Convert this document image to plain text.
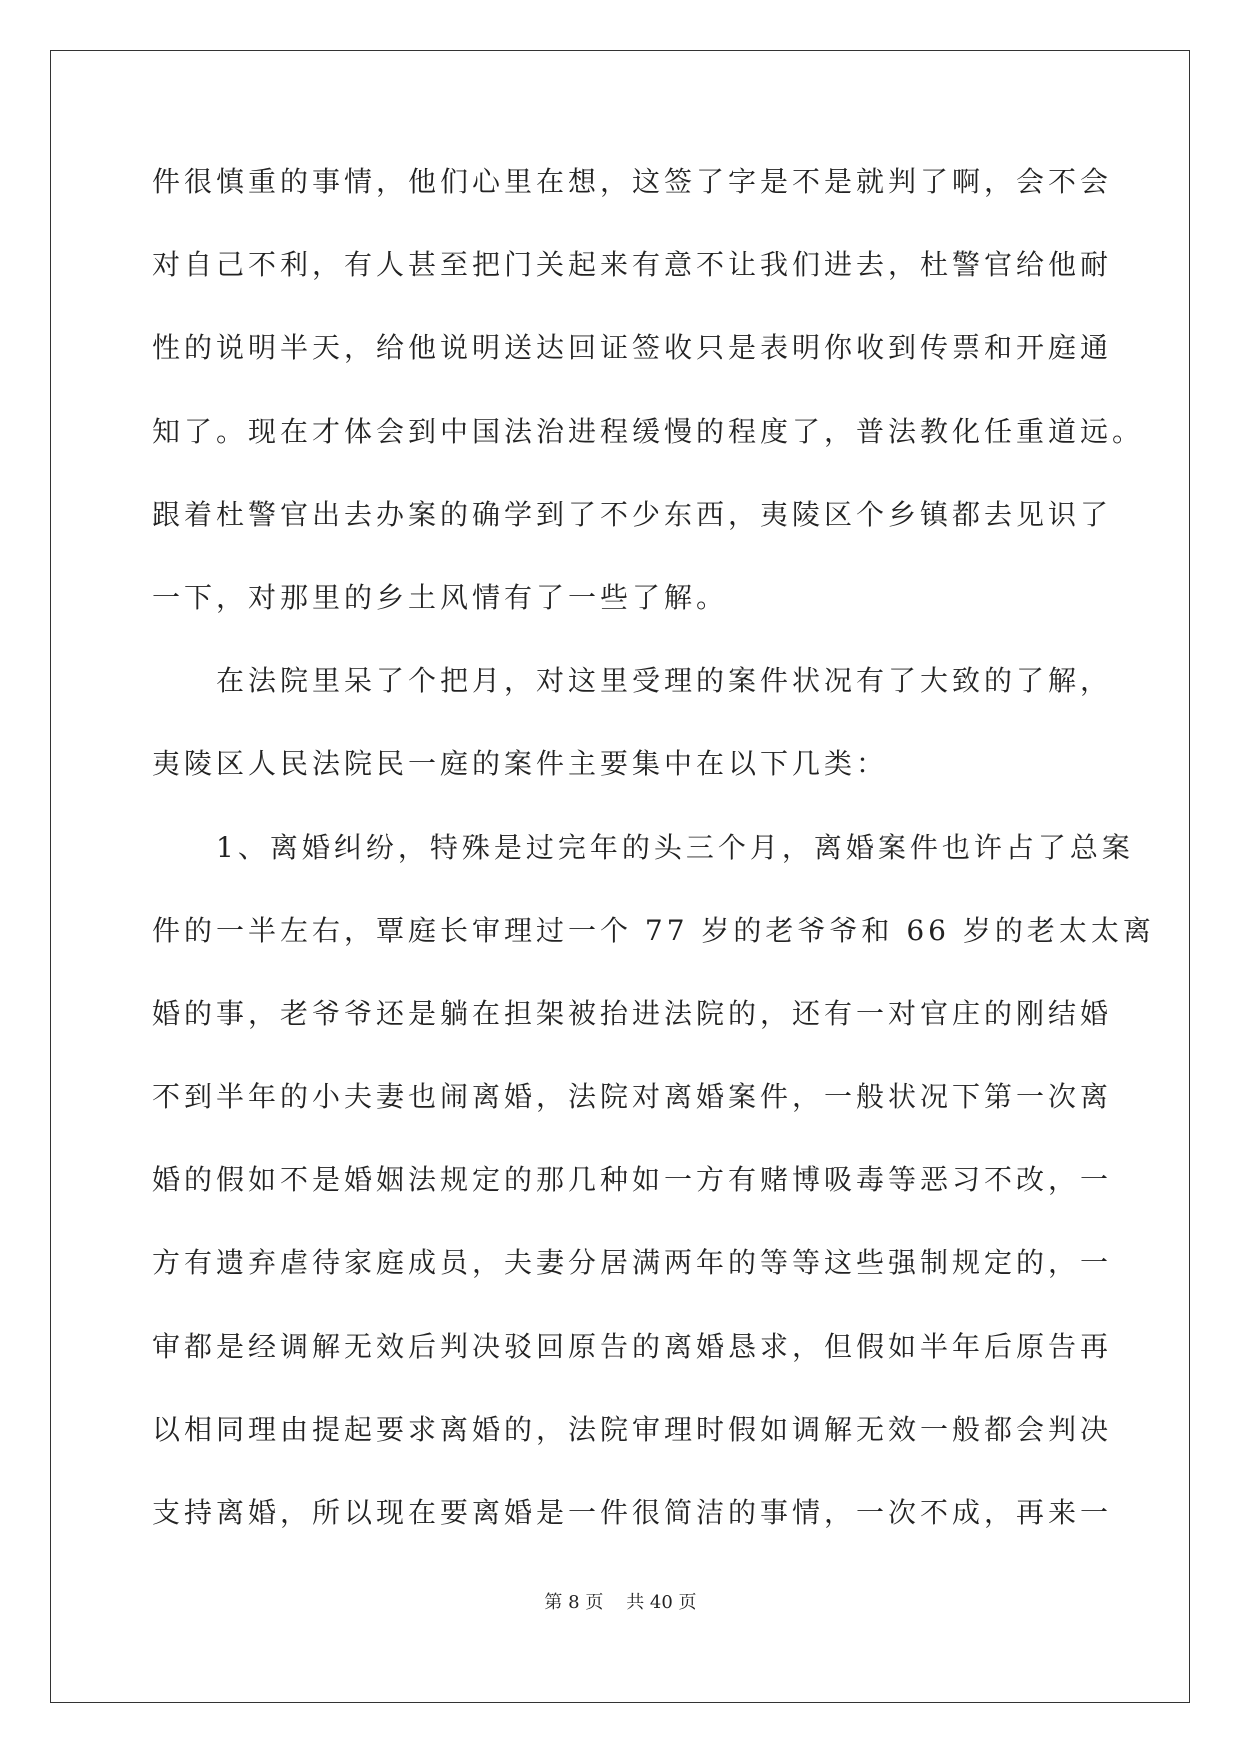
件很慎重的事情，他们心里在想，这签了字是不是就判了啊，会不会
对自己不利，有人甚至把门关起来有意不让我们进去，杜警官给他耐
性的说明半天，给他说明送达回证签收只是表明你收到传票和开庭通
知了。现在才体会到中国法治进程缓慢的程度了，普法教化任重道远。
跟着杜警官出去办案的确学到了不少东西，夷陵区个乡镇都去见识了
一下，对那里的乡土风情有了一些了解。
在法院里呆了个把月，对这里受理的案件状况有了大致的了解，
夷陵区人民法院民一庭的案件主要集中在以下几类：
1、离婚纠纷，特殊是过完年的头三个月，离婚案件也许占了总案
件的一半左右，覃庭长审理过一个 77 岁的老爷爷和 66 岁的老太太离
婚的事，老爷爷还是躺在担架被抬进法院的，还有一对官庄的刚结婚
不到半年的小夫妻也闹离婚，法院对离婚案件，一般状况下第一次离
婚的假如不是婚姻法规定的那几种如一方有赌博吸毒等恶习不改，一
方有遗弃虐待家庭成员，夫妻分居满两年的等等这些强制规定的，一
审都是经调解无效后判决驳回原告的离婚恳求，但假如半年后原告再
以相同理由提起要求离婚的，法院审理时假如调解无效一般都会判决
支持离婚，所以现在要离婚是一件很简洁的事情，一次不成，再来一
第 8 页    共 40 页
